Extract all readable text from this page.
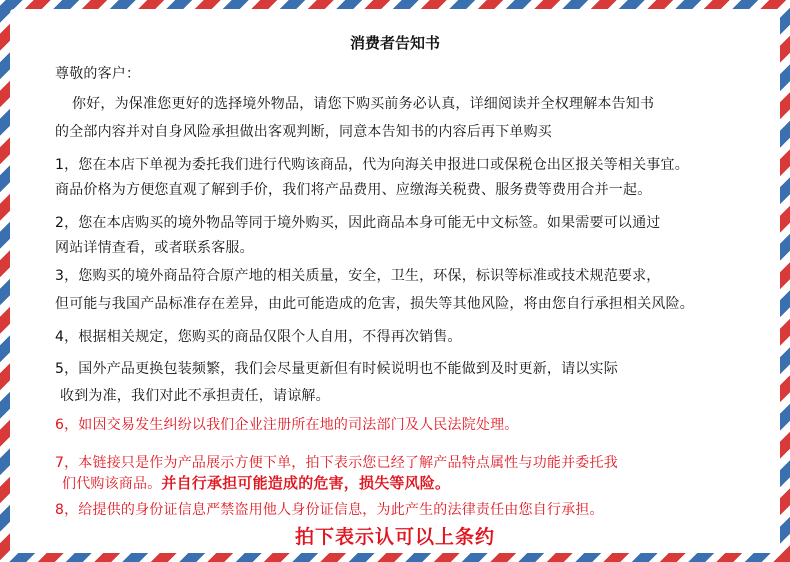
消费者告知书
尊敬的客户：
你好，为保准您更好的选择境外物品，请您下购买前务必认真，详细阅读并全权理解本告知书
的全部内容并对自身风险承担做出客观判断，同意本告知书的内容后再下单购买
1，您在本店下单视为委托我们进行代购该商品，代为向海关申报进口或保税仓出区报关等相关事宜。
商品价格为方便您直观了解到手价，我们将产品费用、应缴海关税费、服务费等费用合并一起。
2，您在本店购买的境外物品等同于境外购买，因此商品本身可能无中文标签。如果需要可以通过
网站详情查看，或者联系客服。
3，您购买的境外商品符合原产地的相关质量，安全，卫生，环保，标识等标准或技术规范要求，
但可能与我国产品标准存在差异，由此可能造成的危害，损失等其他风险，将由您自行承担相关风险。
4，根据相关规定，您购买的商品仅限个人自用，不得再次销售。
5，国外产品更换包装频繁，我们会尽量更新但有时候说明也不能做到及时更新，请以实际
收到为准，我们对此不承担责任，请谅解。
6，如因交易发生纠纷以我们企业注册所在地的司法部门及人民法院处理。
7，本链接只是作为产品展示方便下单，拍下表示您已经了解产品特点属性与功能并委托我
们代购该商品。并自行承担可能造成的危害，损失等风险。
8，给提供的身份证信息严禁盗用他人身份证信息，为此产生的法律责任由您自行承担。
拍下表示认可以上条约
